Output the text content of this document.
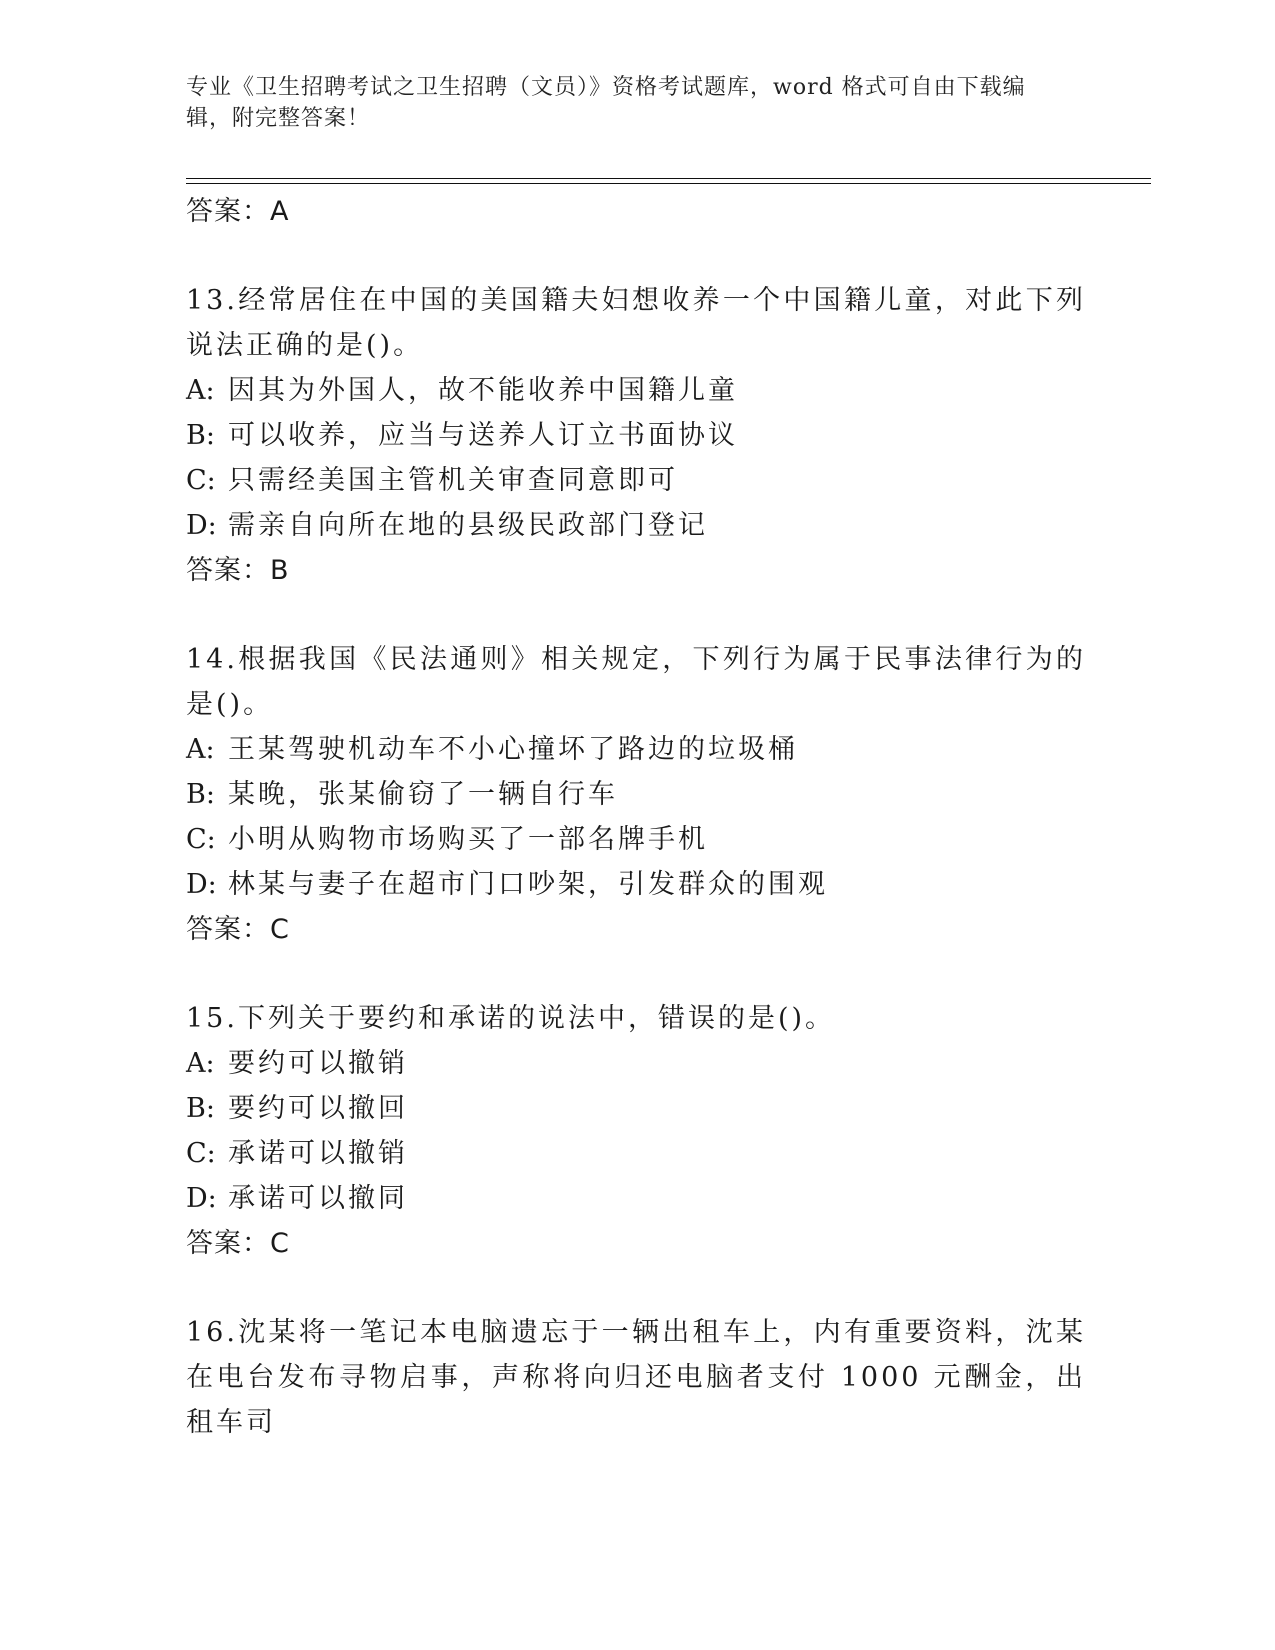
专业《卫生招聘考试之卫生招聘（文员）》资格考试题库，word 格式可自由下载编辑，附完整答案！
答案：A
13.经常居住在中国的美国籍夫妇想收养一个中国籍儿童，对此下列说法正确的是()。
A: 因其为外国人，故不能收养中国籍儿童
B: 可以收养，应当与送养人订立书面协议
C: 只需经美国主管机关审查同意即可
D: 需亲自向所在地的县级民政部门登记
答案：B
14.根据我国《民法通则》相关规定，下列行为属于民事法律行为的是()。
A: 王某驾驶机动车不小心撞坏了路边的垃圾桶
B: 某晚，张某偷窃了一辆自行车
C: 小明从购物市场购买了一部名牌手机
D: 林某与妻子在超市门口吵架，引发群众的围观
答案：C
15.下列关于要约和承诺的说法中，错误的是()。
A: 要约可以撤销
B: 要约可以撤回
C: 承诺可以撤销
D: 承诺可以撤同
答案：C
16.沈某将一笔记本电脑遗忘于一辆出租车上，内有重要资料，沈某在电台发布寻物启事，声称将向归还电脑者支付 1000 元酬金，出租车司
